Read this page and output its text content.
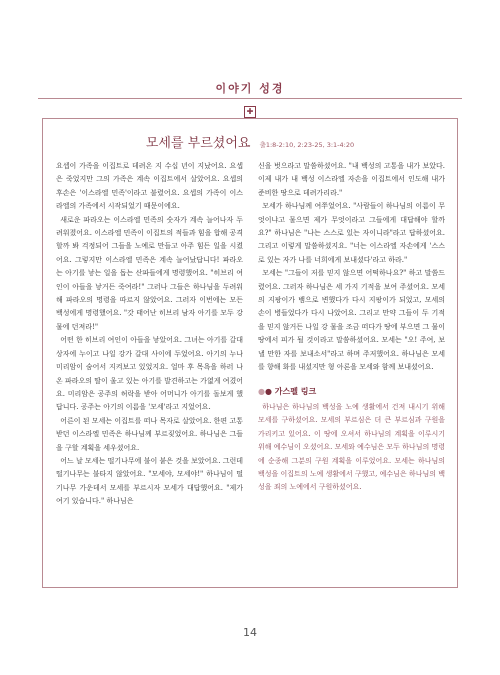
이야기 성경
✚
모세를 부르셨어요 출1:8-2:10, 2:23-25, 3:1-4:20

요셉이 가족을 이집트로 데려온 지 수십 년이 지났어요. 요셉은 죽었지만 그의 가족은 계속 이집트에서 살았어요. 요셉의 후손은 '이스라엘 민족'이라고 불렸어요. 요셉의 가족이 이스라엘의 가족에서 시작되었기 때문이에요.

새로운 파라오는 이스라엘 민족의 숫자가 계속 늘어나자 두려워졌어요. 이스라엘 민족이 이집트의 적들과 힘을 합해 공격할까 봐 걱정되어 그들을 노예로 만들고 아주 힘든 일을 시켰어요. 그렇지만 이스라엘 민족은 계속 늘어났답니다! 파라오는 아기를 낳는 일을 돕는 산파들에게 명령했어요. "히브리 여인이 아들을 낳거든 죽여라!" 그러나 그들은 하나님을 두려워해 파라오의 명령을 따르지 않았어요. 그러자 이번에는 모든 백성에게 명령했어요. "갓 태어난 히브리 남자 아기를 모두 강물에 던져라!"

어떤 한 히브리 여인이 아들을 낳았어요. 그녀는 아기를 갈대 상자에 누이고 나일 강가 갈대 사이에 두었어요. 아기의 누나 미리암이 숨어서 지켜보고 있었지요. 얼마 후 목욕을 하러 나온 파라오의 딸이 울고 있는 아기를 발견하고는 가엾게 여겼어요. 미리암은 공주의 허락을 받아 어머니가 아기를 돌보게 했답니다. 공주는 아기의 이름을 '모세'라고 지었어요.

어른이 된 모세는 이집트를 떠나 목자로 살았어요. 한편 고통받던 이스라엘 민족은 하나님께 부르짖었어요. 하나님은 그들을 구할 계획을 세우셨어요.

어느 날 모세는 떨기나무에 불이 붙은 것을 보았어요. 그런데 떨기나무는 불타지 않았어요. "모세야, 모세야!" 하나님이 떨기나무 가운데서 모세를 부르시자 모세가 대답했어요. "제가 여기 있습니다." 하나님은

신을 벗으라고 말씀하셨어요. "내 백성의 고통을 내가 보았다. 이제 내가 내 백성 이스라엘 자손을 이집트에서 인도해 내가 준비한 땅으로 데려가리라."

모세가 하나님께 여쭈었어요. "사람들이 하나님의 이름이 무엇이냐고 물으면 제가 무엇이라고 그들에게 대답해야 할까요?" 하나님은 "나는 스스로 있는 자이니라"라고 답하셨어요. 그리고 이렇게 말씀하셨지요. "너는 이스라엘 자손에게 '스스로 있는 자가 나를 너희에게 보내셨다'라고 하라."

모세는 "그들이 저를 믿지 않으면 어떡하나요?" 하고 말씀드렸어요. 그러자 하나님은 세 가지 기적을 보여 주셨어요. 모세의 지팡이가 뱀으로 변했다가 다시 지팡이가 되었고, 모세의 손이 병들었다가 다시 나았어요. 그리고 만약 그들이 두 기적을 믿지 않거든 나일 강 물을 조금 떠다가 땅에 부으면 그 물이 땅에서 피가 될 것이라고 말씀하셨어요. 모세는 "오! 주여, 보낼 만한 자를 보내소서"라고 하며 주저했어요. 하나님은 모세를 향해 화를 내셨지만 형 아론을 모세와 함께 보내셨어요.

●● 가스펠 링크

하나님은 하나님의 백성을 노예 생활에서 건져 내시기 위해 모세를 구하셨어요. 모세의 부르심은 더 큰 부르심과 구원을 가리키고 있어요. 이 땅에 오셔서 하나님의 계획을 이루시기 위해 예수님이 오셨어요. 모세와 예수님은 모두 하나님의 명령에 순종해 그분의 구원 계획을 이루었어요. 모세는 하나님의 백성을 이집트의 노예 생활에서 구했고, 예수님은 하나님의 백성을 죄의 노예에서 구원하셨어요.

14
